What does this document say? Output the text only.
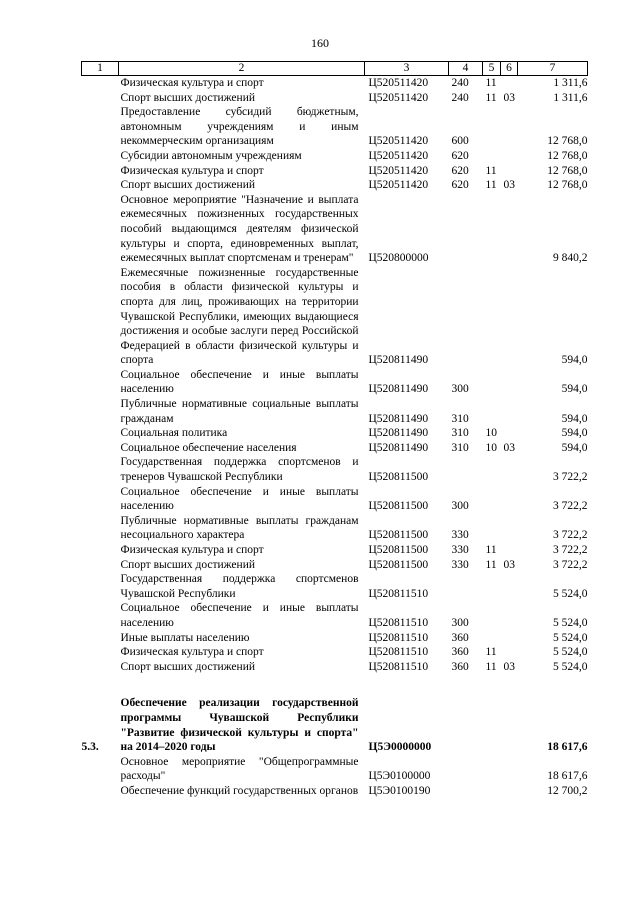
160
1	2	3	4	5	6	7
	Физическая культура и спорт	Ц520511420	240	11		1 311,6
	Спорт высших достижений	Ц520511420	240	11	03	1 311,6
	Предоставление субсидий бюджетным, автономным учреждениям и иным некоммерческим организациям	Ц520511420	600			12 768,0
	Субсидии автономным учреждениям	Ц520511420	620			12 768,0
	Физическая культура и спорт	Ц520511420	620	11		12 768,0
	Спорт высших достижений	Ц520511420	620	11	03	12 768,0
	Основное мероприятие "Назначение и выплата ежемесячных пожизненных государственных пособий выдающимся деятелям физической культуры и спорта, единовременных выплат, ежемесячных выплат спортсменам и тренерам"	Ц520800000				9 840,2
	Ежемесячные пожизненные государственные пособия в области физической культуры и спорта для лиц, проживающих на территории Чувашской Республики, имеющих выдающиеся достижения и особые заслуги перед Российской Федерацией в области физической культуры и спорта	Ц520811490				594,0
	Социальное обеспечение и иные выплаты населению	Ц520811490	300			594,0
	Публичные нормативные социальные выплаты гражданам	Ц520811490	310			594,0
	Социальная политика	Ц520811490	310	10		594,0
	Социальное обеспечение населения	Ц520811490	310	10	03	594,0
	Государственная поддержка спортсменов и тренеров Чувашской Республики	Ц520811500				3 722,2
	Социальное обеспечение и иные выплаты населению	Ц520811500	300			3 722,2
	Публичные нормативные выплаты гражданам несоциального характера	Ц520811500	330			3 722,2
	Физическая культура и спорт	Ц520811500	330	11		3 722,2
	Спорт высших достижений	Ц520811500	330	11	03	3 722,2
	Государственная поддержка спортсменов Чувашской Республики	Ц520811510				5 524,0
	Социальное обеспечение и иные выплаты населению	Ц520811510	300			5 524,0
	Иные выплаты населению	Ц520811510	360			5 524,0
	Физическая культура и спорт	Ц520811510	360	11		5 524,0
	Спорт высших достижений	Ц520811510	360	11	03	5 524,0

5.3.	Обеспечение реализации государственной программы Чувашской Республики "Развитие физической культуры и спорта" на 2014–2020 годы	Ц5Э0000000				18 617,6
	Основное мероприятие "Общепрограммные расходы"	Ц5Э0100000				18 617,6
	Обеспечение функций государственных органов	Ц5Э0100190				12 700,2
